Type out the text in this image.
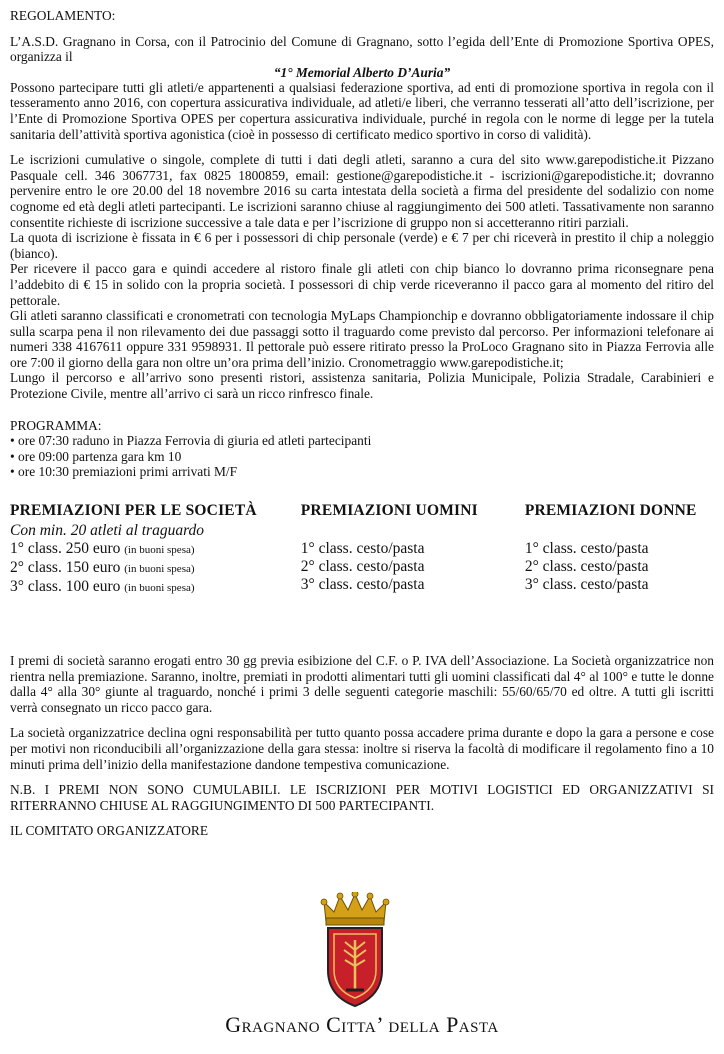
REGOLAMENTO:

L’A.S.D. Gragnano in Corsa, con il Patrocinio del Comune di Gragnano, sotto l’egida dell’Ente di Promozione Sportiva OPES, organizza il

“1° Memorial Alberto D’Auria”

Possono partecipare tutti gli atleti/e appartenenti a qualsiasi federazione sportiva, ad enti di promozione sportiva in regola con il tesseramento anno 2016, con copertura assicurativa individuale, ad atleti/e liberi, che verranno tesserati all’atto dell’iscrizione, per l’Ente di Promozione Sportiva OPES per copertura assicurativa individuale, purché in regola con le norme di legge per la tutela sanitaria dell’attività sportiva agonistica (cioè in possesso di certificato medico sportivo in corso di validità).

Le iscrizioni cumulative o singole, complete di tutti i dati degli atleti, saranno a cura del sito www.garepodistiche.it Pizzano Pasquale cell. 346 3067731, fax 0825 1800859, email: gestione@garepodistiche.it - iscrizioni@garepodistiche.it; dovranno pervenire entro le ore 20.00 del 18 novembre 2016 su carta intestata della società a firma del presidente del sodalizio con nome cognome ed età degli atleti partecipanti. Le iscrizioni saranno chiuse al raggiungimento dei 500 atleti. Tassativamente non saranno consentite richieste di iscrizione successive a tale data e per l’iscrizione di gruppo non si accetteranno ritiri parziali.

La quota di iscrizione è fissata in € 6 per i possessori di chip personale (verde) e € 7 per chi riceverà in prestito il chip a noleggio (bianco).

Per ricevere il pacco gara e quindi accedere al ristoro finale gli atleti con chip bianco lo dovranno prima riconsegnare pena l’addebito di € 15 in solido con la propria società. I possessori di chip verde riceveranno il pacco gara al momento del ritiro del pettorale.

Gli atleti saranno classificati e cronometrati con tecnologia MyLaps Championchip e dovranno obbligatoriamente indossare il chip sulla scarpa pena il non rilevamento dei due passaggi sotto il traguardo come previsto dal percorso. Per informazioni telefonare ai numeri 338 4167611 oppure 331 9598931. Il pettorale può essere ritirato presso la ProLoco Gragnano sito in Piazza Ferrovia alle ore 7:00 il giorno della gara non oltre un’ora prima dell’inizio. Cronometraggio www.garepodistiche.it;

Lungo il percorso e all’arrivo sono presenti ristori, assistenza sanitaria, Polizia Municipale, Polizia Stradale, Carabinieri e Protezione Civile, mentre all’arrivo ci sarà un ricco rinfresco finale.

PROGRAMMA:
• ore 07:30 raduno in Piazza Ferrovia di giuria ed atleti partecipanti
• ore 09:00 partenza gara km 10
• ore 10:30 premiazioni primi arrivati M/F
PREMIAZIONI PER LE SOCIETÀ
Con min. 20 atleti al traguardo
1° class. 250 euro (in buoni spesa)
2° class. 150 euro (in buoni spesa)
3° class. 100 euro (in buoni spesa)
PREMIAZIONI UOMINI
1° class. cesto/pasta
2° class. cesto/pasta
3° class. cesto/pasta
PREMIAZIONI DONNE
1° class. cesto/pasta
2° class. cesto/pasta
3° class. cesto/pasta

I premi di società saranno erogati entro 30 gg previa esibizione del C.F. o P. IVA dell’Associazione. La Società organizzatrice non rientra nella premiazione. Saranno, inoltre, premiati in prodotti alimentari tutti gli uomini classificati dal 4° al 100° e tutte le donne dalla 4° alla 30° giunte al traguardo, nonché i primi 3 delle seguenti categorie maschili: 55/60/65/70 ed oltre. A tutti gli iscritti verrà consegnato un ricco pacco gara.

La società organizzatrice declina ogni responsabilità per tutto quanto possa accadere prima durante e dopo la gara a persone e cose per motivi non riconducibili all’organizzazione della gara stessa: inoltre si riserva la facoltà di modificare il regolamento fino a 10 minuti prima dell’inizio della manifestazione dandone tempestiva comunicazione.

N.B. I PREMI NON SONO CUMULABILI. LE ISCRIZIONI PER MOTIVI LOGISTICI ED ORGANIZZATIVI SI RITERRANNO CHIUSE AL RAGGIUNGIMENTO DI 500 PARTECIPANTI.

IL COMITATO ORGANIZZATORE

Gragnano Citta’ della Pasta
